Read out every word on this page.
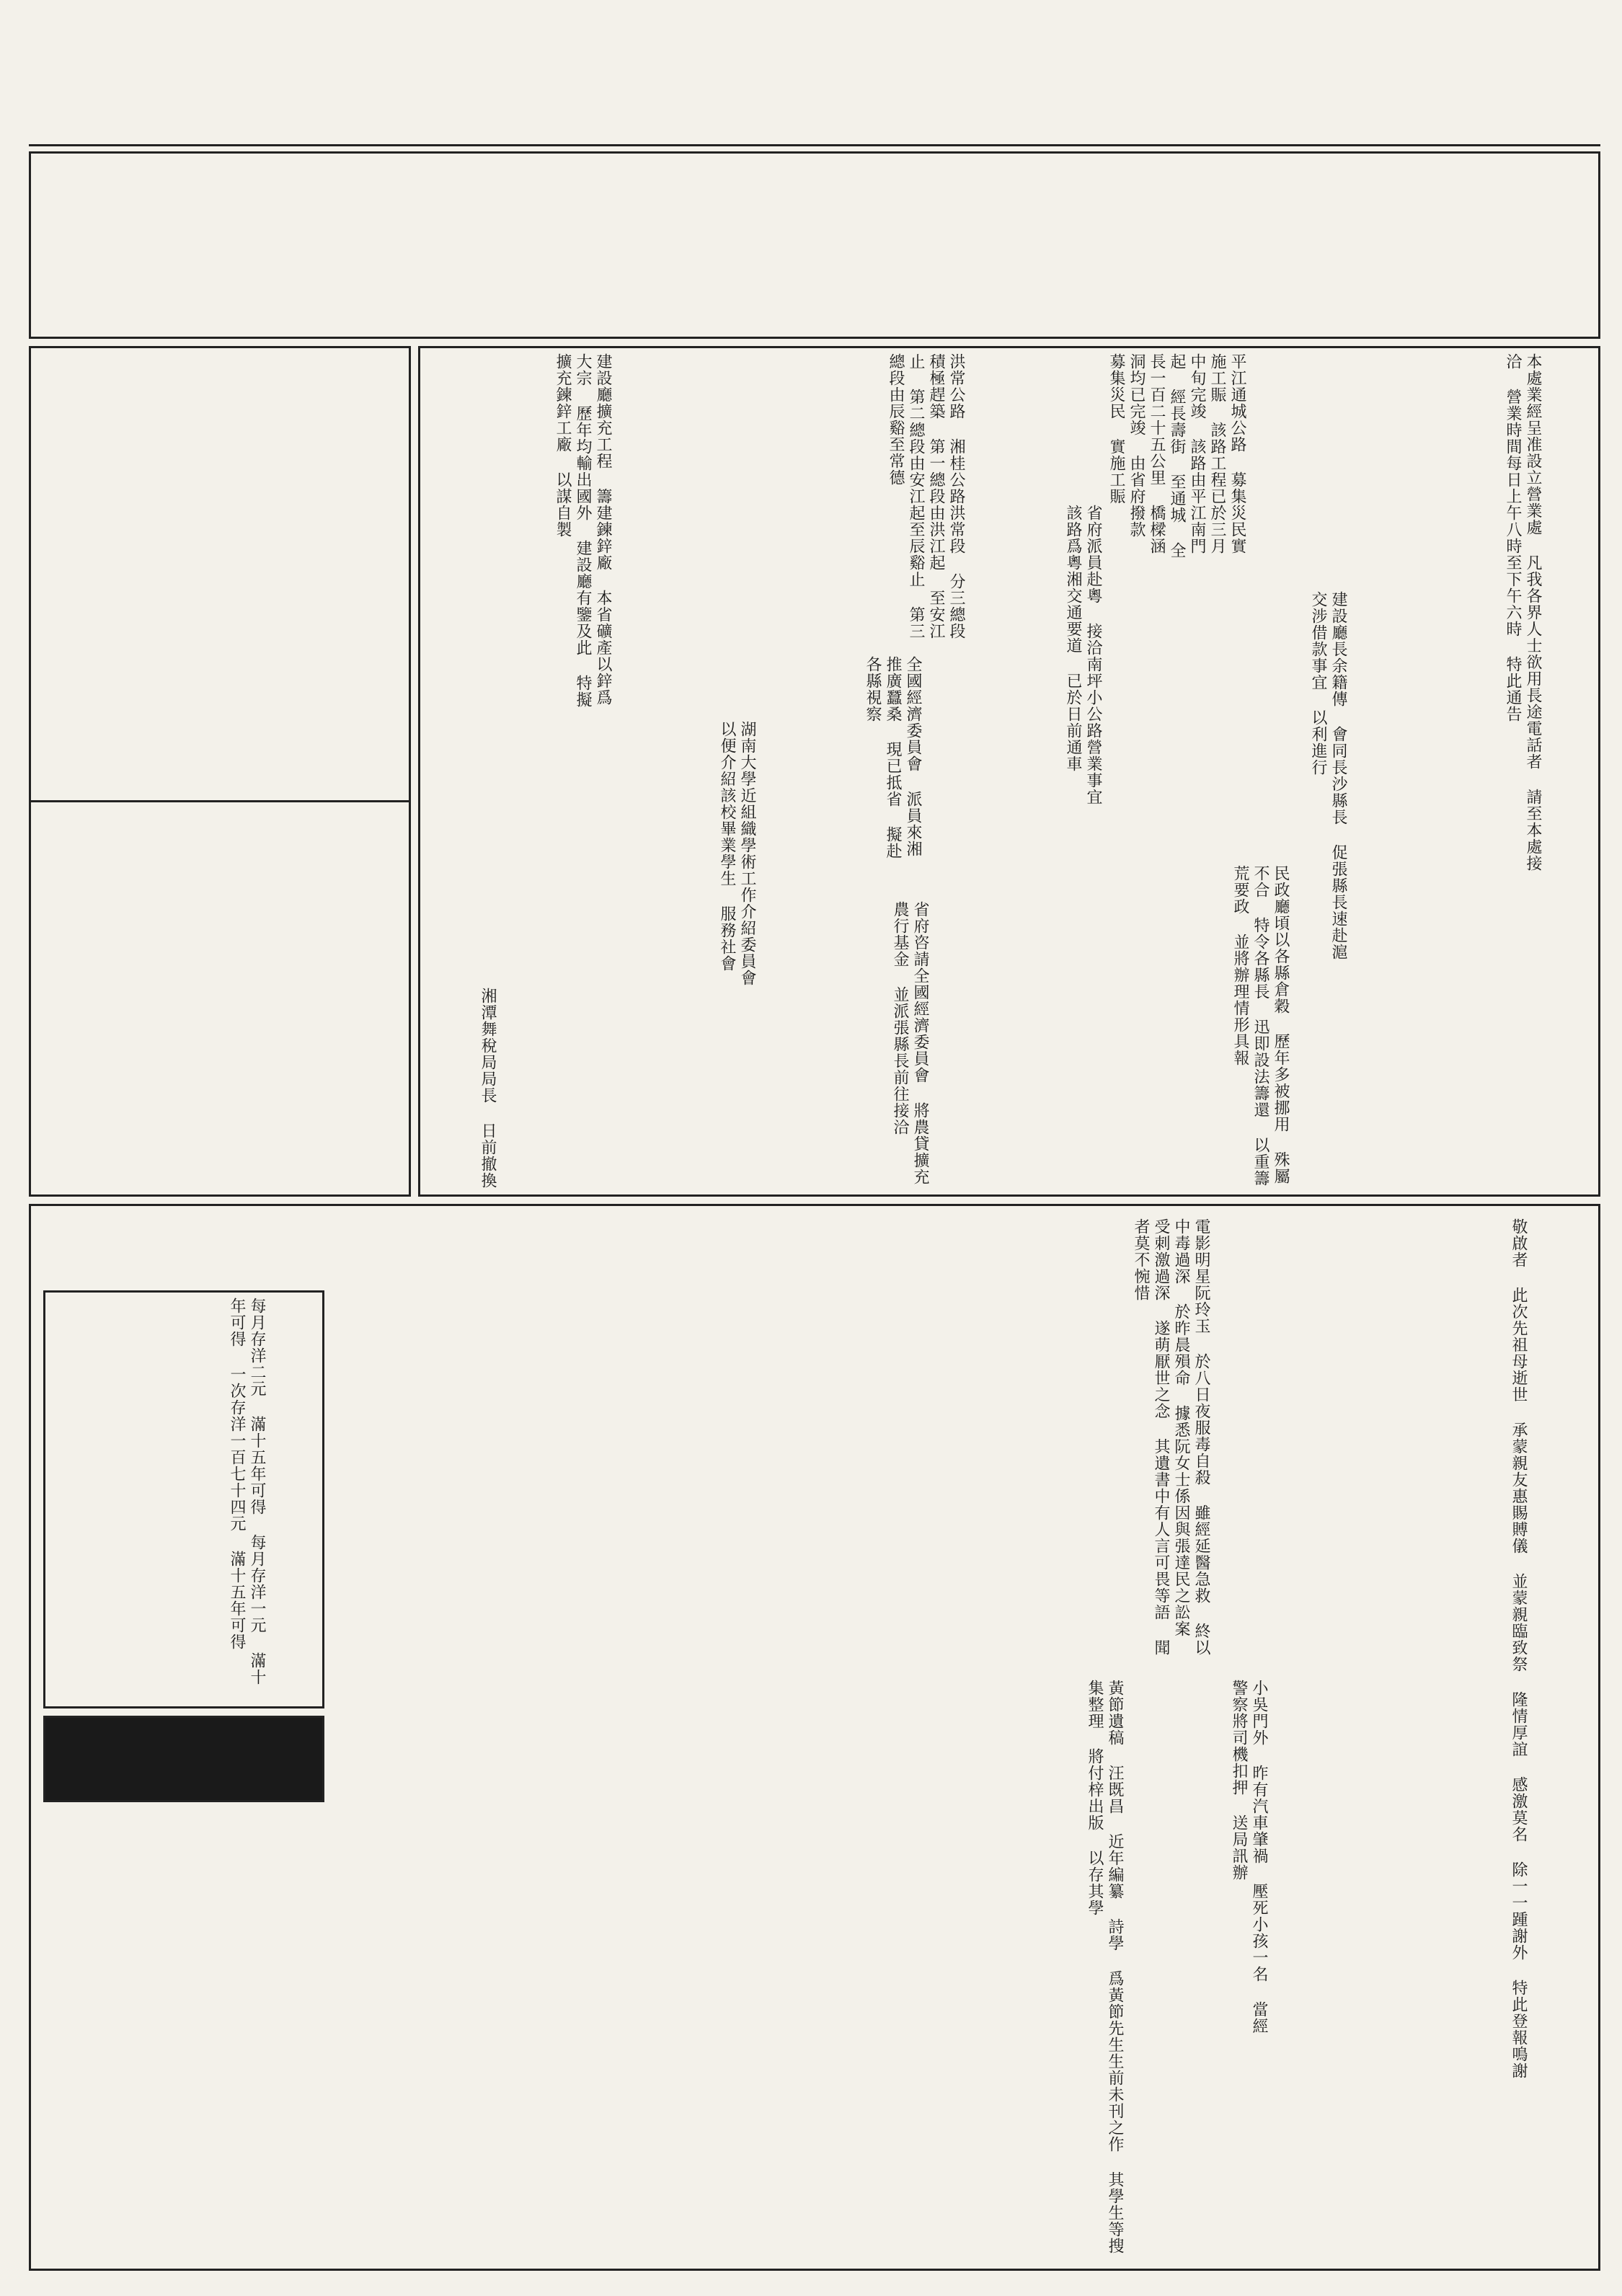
平江通城公路 募集災民實施工賑 該路工程已於三月中旬完竣 該路由平江南門起 經長壽街 至通城 全長一百二十五公里 橋樑涵洞均已完竣 由省府撥款 募集災民 實施工賑	本處業經呈准設立營業處 凡我各界人士欲用長途電話者 請至本處接洽 營業時間每日上午八時至下午六時 特此通告
建設廳長余籍傳 會同長沙縣長 促張縣長速赴滬交涉借款事宜 以利進行
民政廳頃以各縣倉穀 歷年多被挪用 殊屬不合 特令各縣長 迅即設法籌還 以重籌荒要政 並將辦理情形具報
洪常公路 湘桂公路洪常段 分三總段 積極趕築 第一總段由洪江起 至安江止 第二總段由安江起至辰谿止 第三總段由辰谿至常德
省府派員赴粵 接洽南坪小公路營業事宜 該路爲粵湘交通要道 已於日前通車
全國經濟委員會 派員來湘 推廣蠶桑 現已抵省 擬赴各縣視察
湖南大學近組織學術工作介紹委員會 以便介紹該校畢業學生 服務社會
省府咨請全國經濟委員會 將農貸擴充農行基金 並派張縣長前往接洽
湘潭舞稅局局長 日前撤換
建設廳擴充工程 籌建鍊鋅廠 本省礦產以鋅爲大宗 歷年均輸出國外 建設廳有鑒及此 特擬擴充鍊鋅工廠 以謀自製
每月存洋二元 滿十五年可得 每月存洋一元 滿十年可得 一次存洋一百七十四元 滿十五年可得	電影明星阮玲玉 於八日夜服毒自殺 雖經延醫急救 終以中毒過深 於昨晨殞命 據悉阮女士係因與張達民之訟案 受刺激過深 遂萌厭世之念 其遺書中有人言可畏等語 聞者莫不惋惜
小吳門外 昨有汽車肇禍 壓死小孩一名 當經警察將司機扣押 送局訊辦
黃節遺稿 汪既昌 近年編纂 詩學 爲黃節先生生前未刊之作 其學生等搜集整理 將付梓出版 以存其學	敬啟者 此次先祖母逝世 承蒙親友惠賜賻儀 並蒙親臨致祭 隆情厚誼 感激莫名 除一一踵謝外 特此登報鳴謝
